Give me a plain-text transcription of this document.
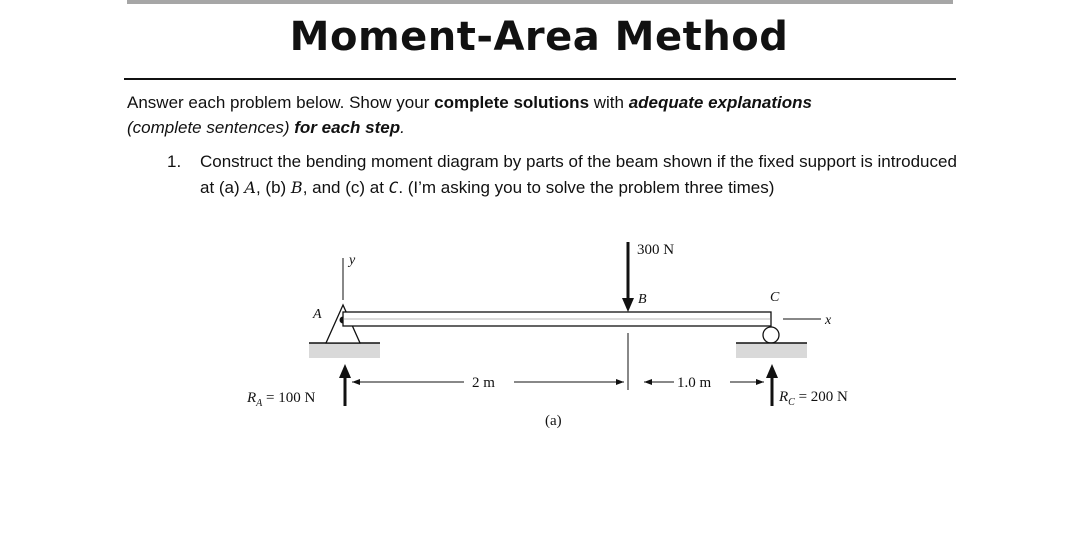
Moment-Area Method
Answer each problem below. Show your complete solutions with adequate explanations
(complete sentences) for each step.
1. Construct the bending moment diagram by parts of the beam shown if the fixed support is introduced at (a) A, (b) B, and (c) at C. (I’m asking you to solve the problem three times)
y
A
C
x
300 N
B
2 m	1.0 m
$R_A = 100$ N	$R_C = 200$ N
(a)
